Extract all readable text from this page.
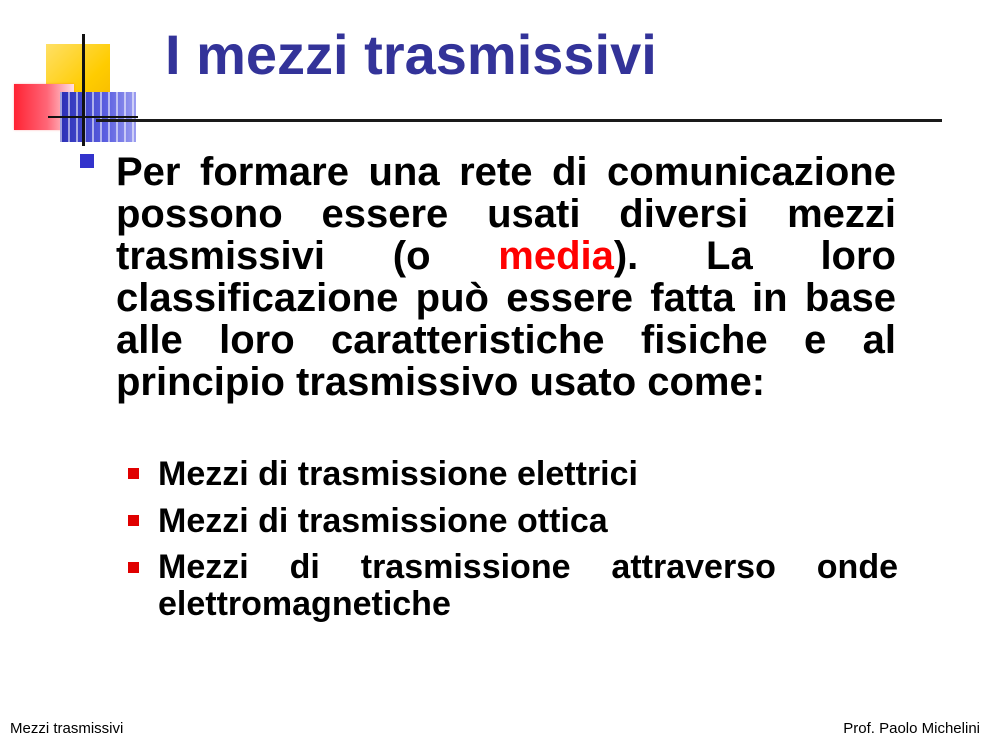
I mezzi trasmissivi

Per formare una rete di comunicazione possono essere usati diversi mezzi trasmissivi (o media). La loro classificazione può essere fatta in base alle loro caratteristiche fisiche e al principio trasmissivo usato come:

Mezzi di trasmissione elettrici
Mezzi di trasmissione ottica
Mezzi di trasmissione attraverso onde elettromagnetiche
Mezzi trasmissivi	Prof. Paolo Michelini
